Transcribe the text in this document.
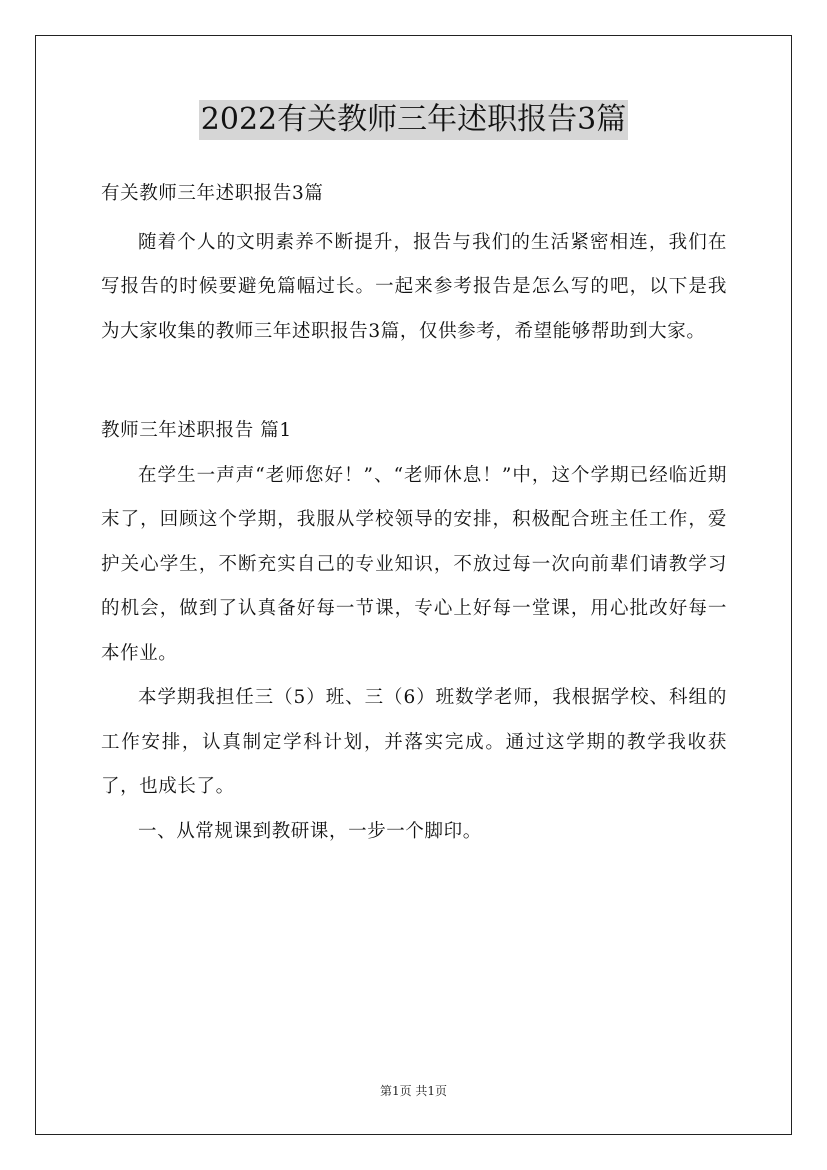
2022有关教师三年述职报告3篇

有关教师三年述职报告3篇

随着个人的文明素养不断提升，报告与我们的生活紧密相连，我们在写报告的时候要避免篇幅过长。一起来参考报告是怎么写的吧，以下是我为大家收集的教师三年述职报告3篇，仅供参考，希望能够帮助到大家。

教师三年述职报告 篇1

在学生一声声“老师您好！”、“老师休息！”中，这个学期已经临近期末了，回顾这个学期，我服从学校领导的安排，积极配合班主任工作，爱护关心学生，不断充实自己的专业知识，不放过每一次向前辈们请教学习的机会，做到了认真备好每一节课，专心上好每一堂课，用心批改好每一本作业。

本学期我担任三（5）班、三（6）班数学老师，我根据学校、科组的工作安排，认真制定学科计划，并落实完成。通过这学期的教学我收获了，也成长了。

一、从常规课到教研课，一步一个脚印。

第1页 共1页
